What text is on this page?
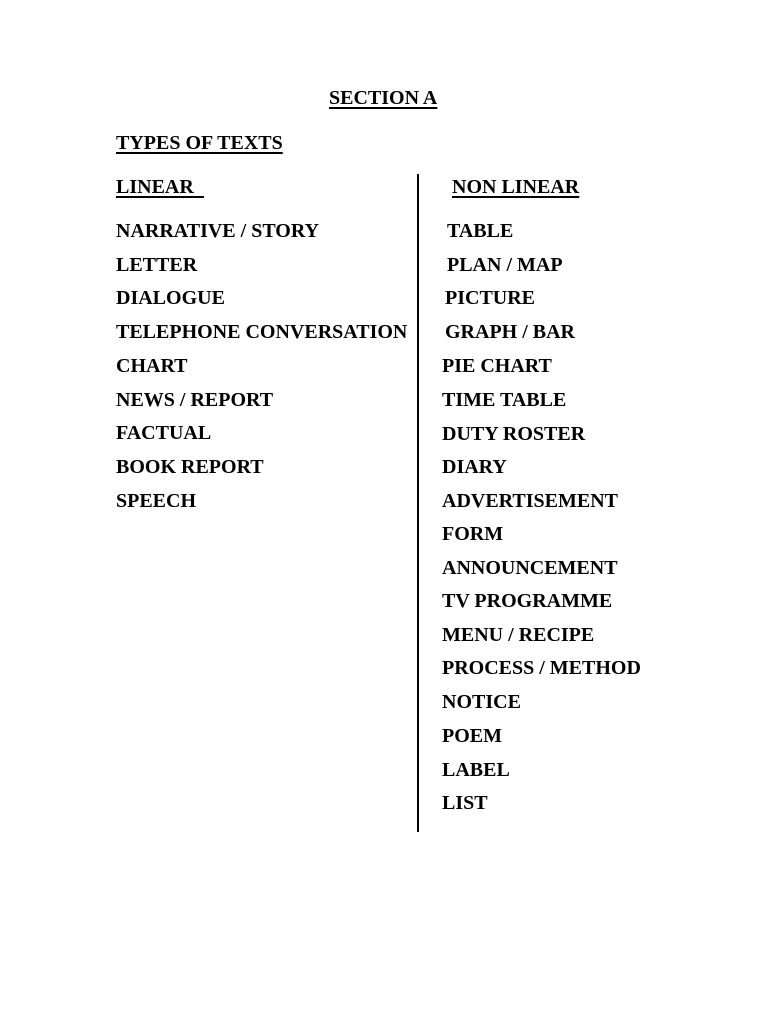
SECTION A
TYPES OF TEXTS
LINEAR	NON LINEAR
NARRATIVE / STORY
LETTER
DIALOGUE
TELEPHONE CONVERSATION
CHART
NEWS / REPORT
FACTUAL
BOOK REPORT
SPEECH
TABLE
PLAN / MAP
PICTURE
GRAPH / BAR
PIE CHART
TIME TABLE
DUTY ROSTER
DIARY
ADVERTISEMENT
FORM
ANNOUNCEMENT
TV PROGRAMME
MENU / RECIPE
PROCESS / METHOD
NOTICE
POEM
LABEL
LIST
